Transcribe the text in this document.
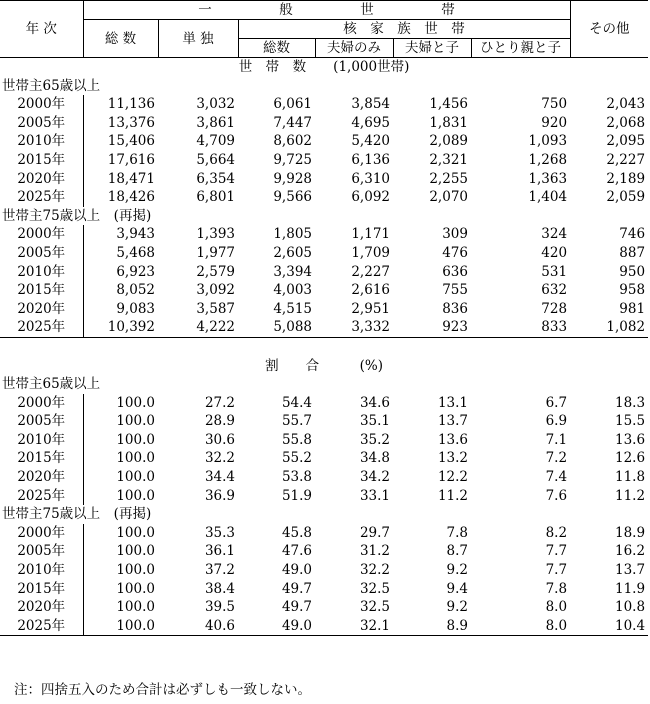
年 次	一　　　　　般　　　　　世　　　　　帯						その他
	総 数	単 独	核　家　族　世　帯				
			総数	夫婦のみ	夫婦と子	ひとり親と子	
世　帯　数　　(1,000世帯)							
世帯主65歳以上							
2000年	11,136	3,032	6,061	3,854	1,456	750	2,043
2005年	13,376	3,861	7,447	4,695	1,831	920	2,068
2010年	15,406	4,709	8,602	5,420	2,089	1,093	2,095
2015年	17,616	5,664	9,725	6,136	2,321	1,268	2,227
2020年	18,471	6,354	9,928	6,310	2,255	1,363	2,189
2025年	18,426	6,801	9,566	6,092	2,070	1,404	2,059
世帯主75歳以上　(再掲)							
2000年	3,943	1,393	1,805	1,171	309	324	746
2005年	5,468	1,977	2,605	1,709	476	420	887
2010年	6,923	2,579	3,394	2,227	636	531	950
2015年	8,052	3,092	4,003	2,616	755	632	958
2020年	9,083	3,587	4,515	2,951	836	728	981
2025年	10,392	4,222	5,088	3,332	923	833	1,082

割　　合　　　(%)							
世帯主65歳以上							
2000年	100.0	27.2	54.4	34.6	13.1	6.7	18.3
2005年	100.0	28.9	55.7	35.1	13.7	6.9	15.5
2010年	100.0	30.6	55.8	35.2	13.6	7.1	13.6
2015年	100.0	32.2	55.2	34.8	13.2	7.2	12.6
2020年	100.0	34.4	53.8	34.2	12.2	7.4	11.8
2025年	100.0	36.9	51.9	33.1	11.2	7.6	11.2
世帯主75歳以上　(再掲)							
2000年	100.0	35.3	45.8	29.7	7.8	8.2	18.9
2005年	100.0	36.1	47.6	31.2	8.7	7.7	16.2
2010年	100.0	37.2	49.0	32.2	9.2	7.7	13.7
2015年	100.0	38.4	49.7	32.5	9.4	7.8	11.9
2020年	100.0	39.5	49.7	32.5	9.2	8.0	10.8
2025年	100.0	40.6	49.0	32.1	8.9	8.0	10.4
注：四捨五入のため合計は必ずしも一致しない。
